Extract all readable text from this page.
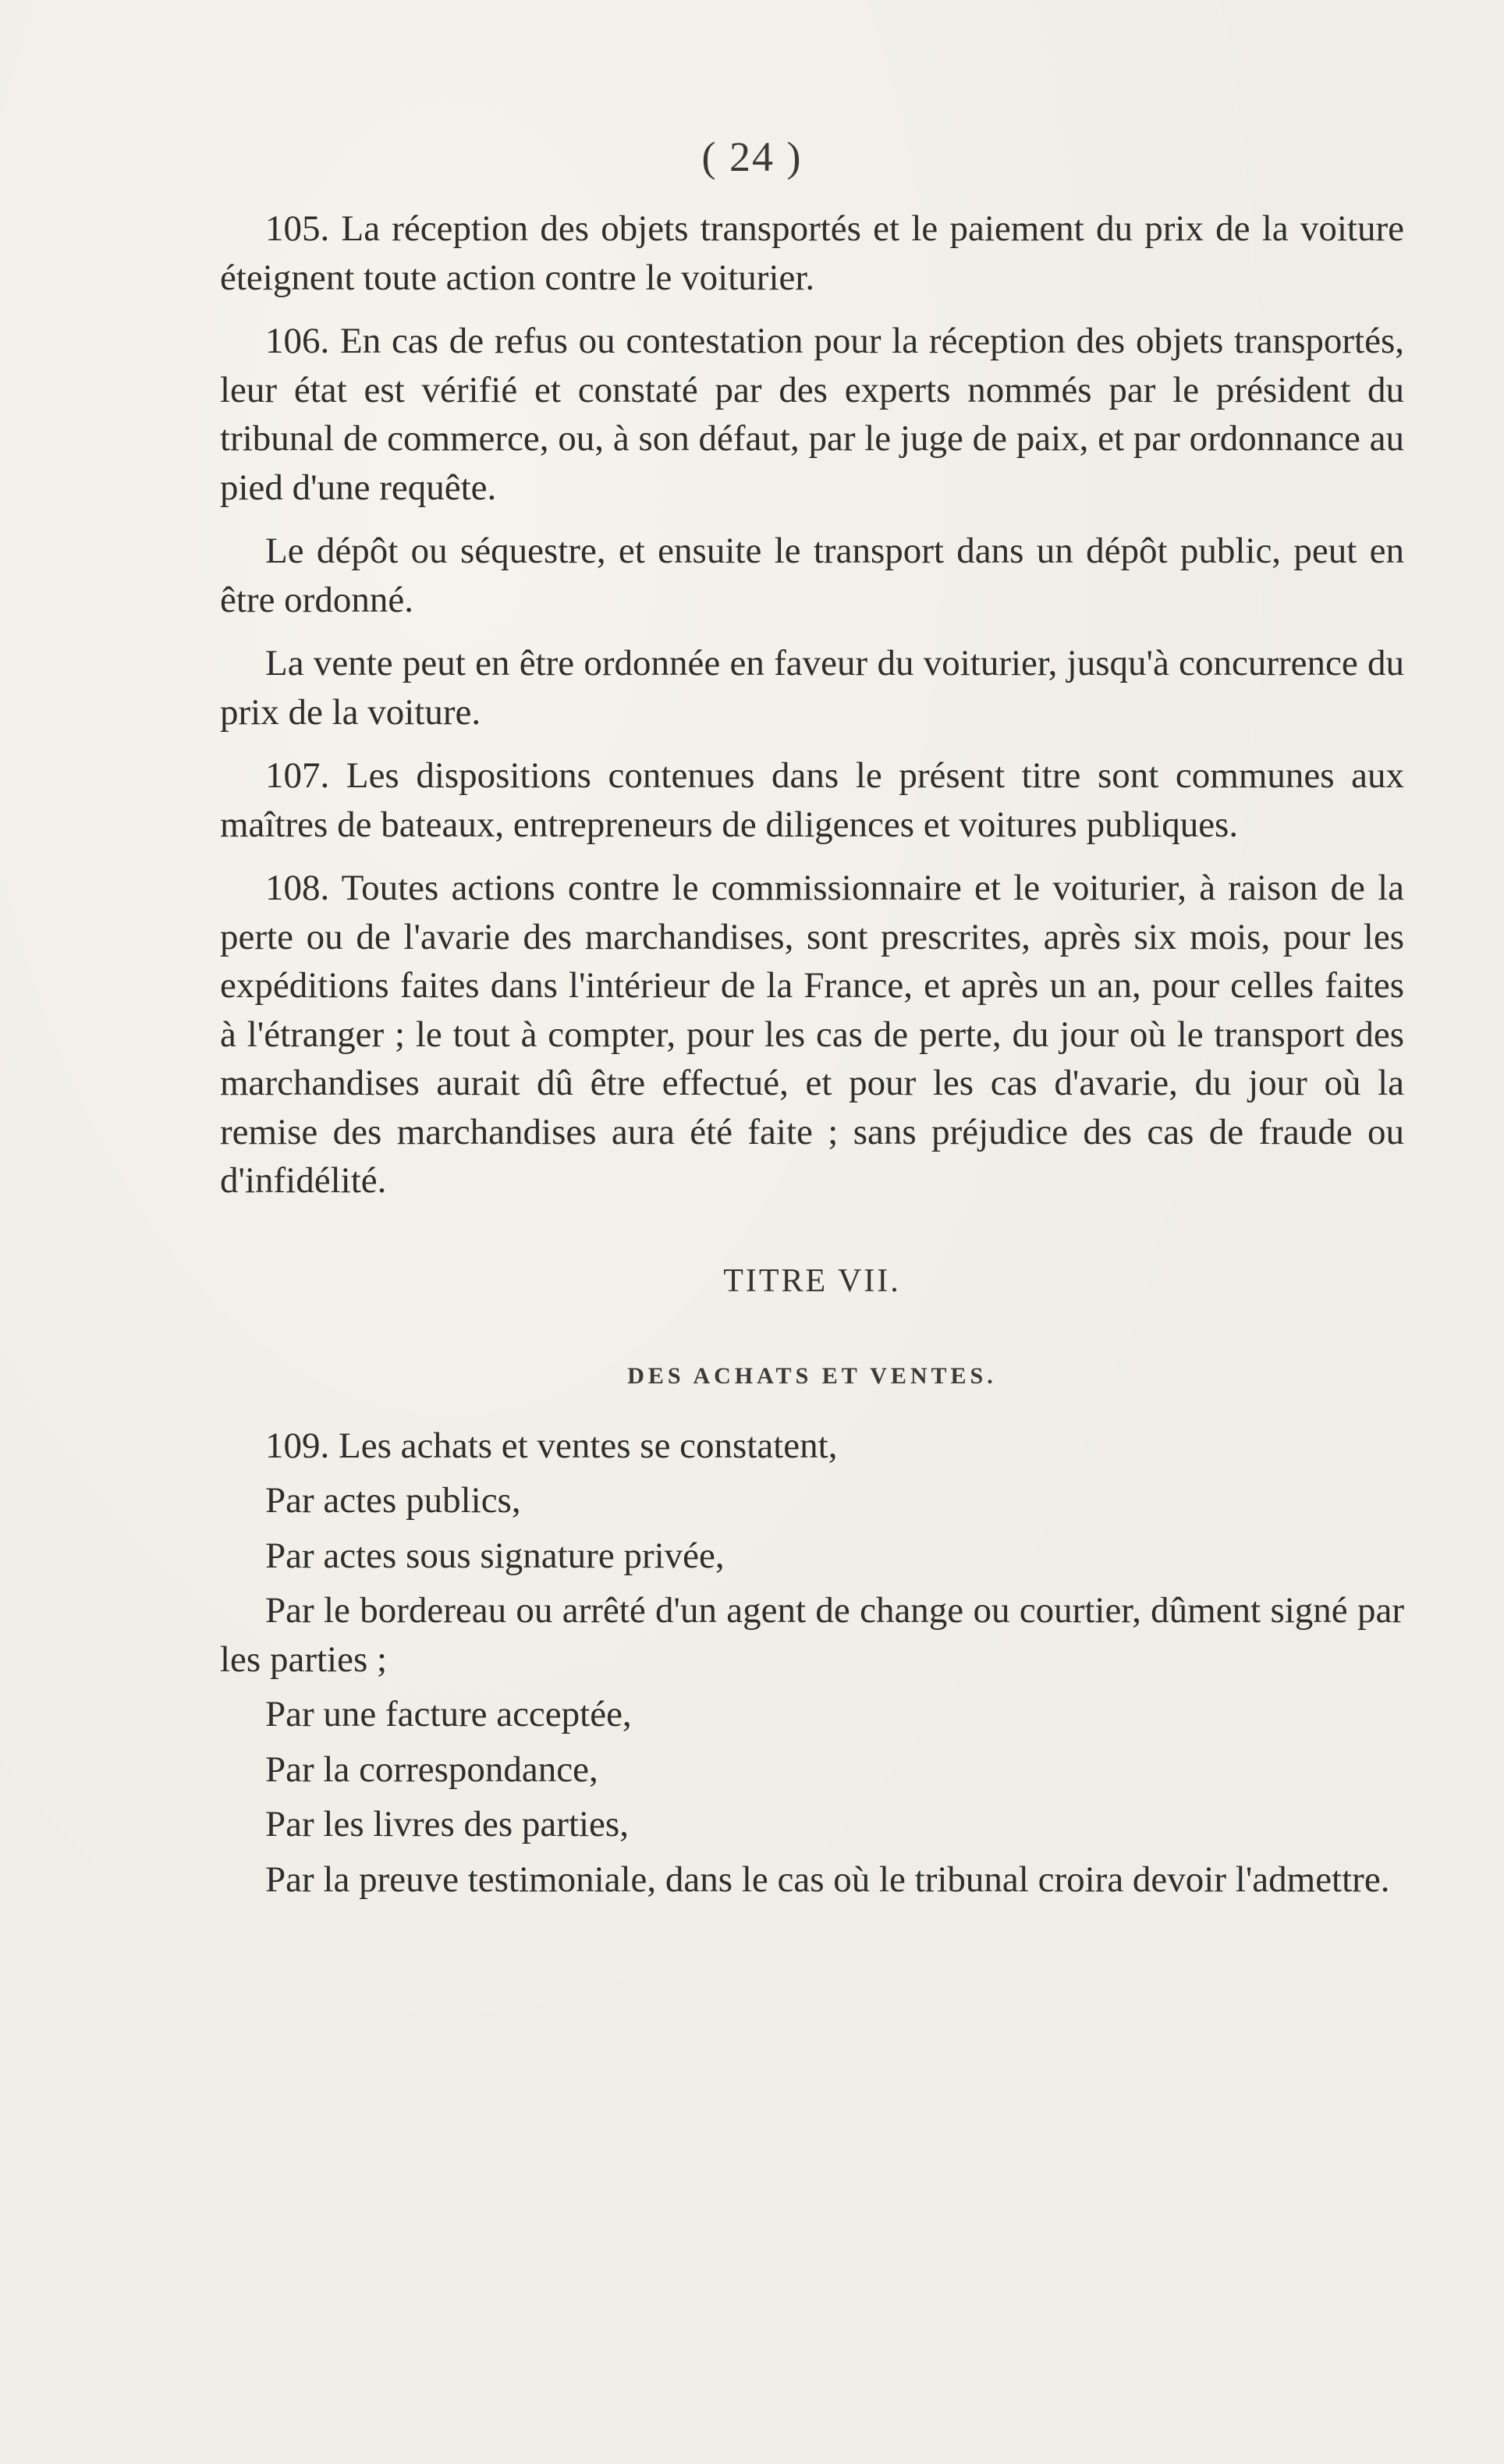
( 24 )

105. La réception des objets transportés et le paiement du prix de la voiture éteignent toute action contre le voiturier.

106. En cas de refus ou contestation pour la réception des objets transportés, leur état est vérifié et constaté par des experts nommés par le président du tribunal de commerce, ou, à son défaut, par le juge de paix, et par ordonnance au pied d'une requête.

Le dépôt ou séquestre, et ensuite le transport dans un dépôt public, peut en être ordonné.

La vente peut en être ordonnée en faveur du voiturier, jusqu'à concurrence du prix de la voiture.

107. Les dispositions contenues dans le présent titre sont communes aux maîtres de bateaux, entrepreneurs de diligences et voitures publiques.

108. Toutes actions contre le commissionnaire et le voiturier, à raison de la perte ou de l'avarie des marchandises, sont prescrites, après six mois, pour les expéditions faites dans l'intérieur de la France, et après un an, pour celles faites à l'étranger ; le tout à compter, pour les cas de perte, du jour où le transport des marchandises aurait dû être effectué, et pour les cas d'avarie, du jour où la remise des marchandises aura été faite ; sans préjudice des cas de fraude ou d'infidélité.

TITRE VII.
DES ACHATS ET VENTES.

109. Les achats et ventes se constatent,

Par actes publics,

Par actes sous signature privée,

Par le bordereau ou arrêté d'un agent de change ou courtier, dûment signé par les parties ;

Par une facture acceptée,

Par la correspondance,

Par les livres des parties,

Par la preuve testimoniale, dans le cas où le tribunal croira devoir l'admettre.
